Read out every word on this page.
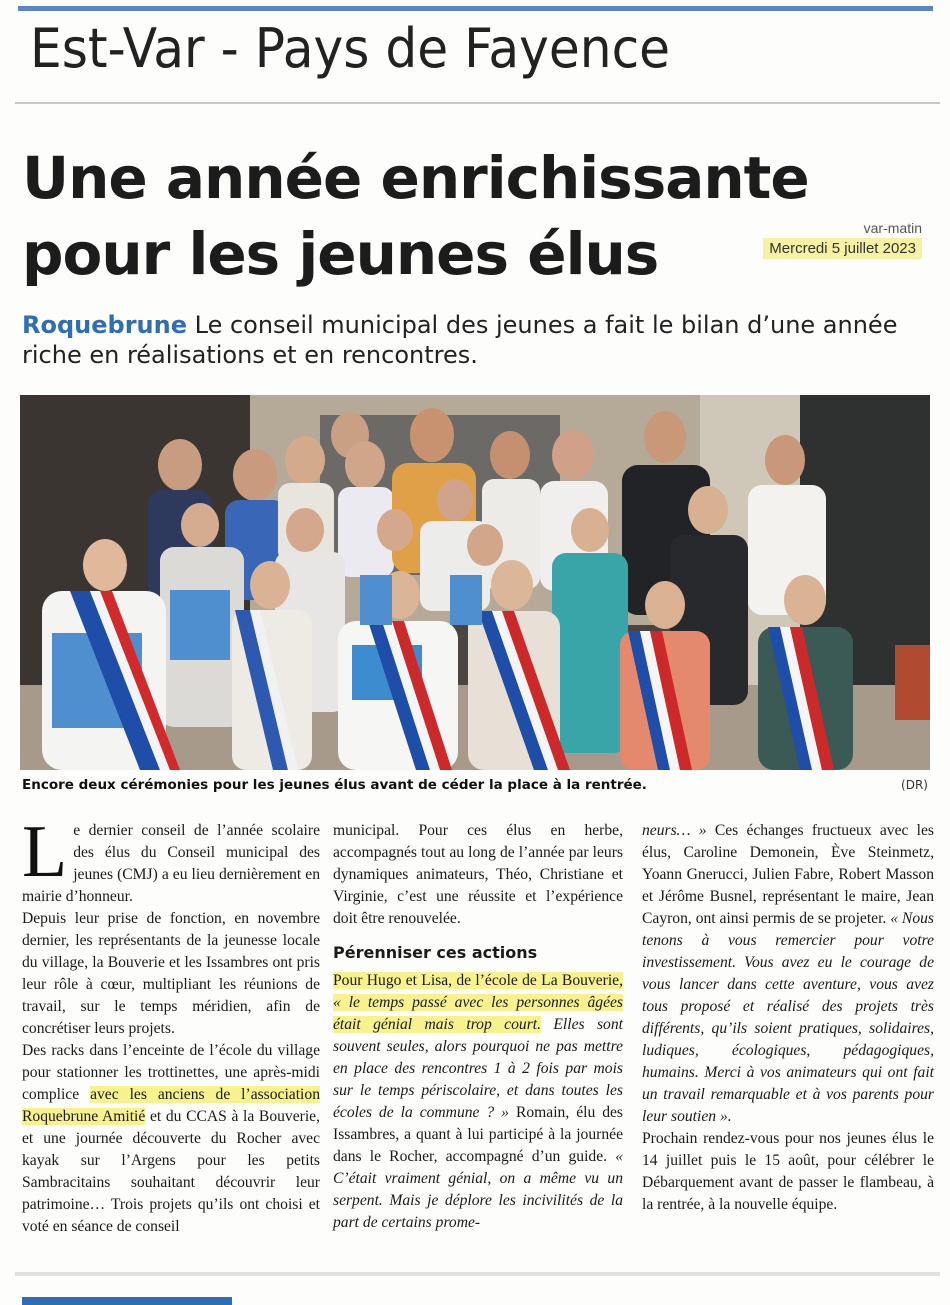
Est-Var - Pays de Fayence
Une année enrichissante
pour les jeunes élus	var-matin
Mercredi 5 juillet 2023
Roquebrune Le conseil municipal des jeunes a fait le bilan d’une année riche en réalisations et en rencontres.
Encore deux cérémonies pour les jeunes élus avant de céder la place à la rentrée.	(DR)
L e dernier conseil de l’année scolaire des élus du Conseil municipal des jeunes (CMJ) a eu lieu dernièrement en mairie d’honneur.

Depuis leur prise de fonction, en novembre dernier, les représentants de la jeunesse locale du village, la Bouverie et les Issambres ont pris leur rôle à cœur, multipliant les réunions de travail, sur le temps méridien, afin de concrétiser leurs projets.

Des racks dans l’enceinte de l’école du village pour stationner les trottinettes, une après-midi complice avec les anciens de l’association Roquebrune Amitié et du CCAS à la Bouverie, et une journée découverte du Rocher avec kayak sur l’Argens pour les petits Sambracitains souhaitant découvrir leur patrimoine… Trois projets qu’ils ont choisi et voté en séance de conseil

municipal. Pour ces élus en herbe, accompagnés tout au long de l’année par leurs dynamiques animateurs, Théo, Christiane et Virginie, c’est une réussite et l’expérience doit être renouvelée.

Pérenniser ces actions

Pour Hugo et Lisa, de l’école de La Bouverie, « le temps passé avec les personnes âgées était génial mais trop court. Elles sont souvent seules, alors pourquoi ne pas mettre en place des rencontres 1 à 2 fois par mois sur le temps périscolaire, et dans toutes les écoles de la commune ? » Romain, élu des Issambres, a quant à lui participé à la journée dans le Rocher, accompagné d’un guide. « C’était vraiment génial, on a même vu un serpent. Mais je déplore les incivilités de la part de certains prome-

neurs… » Ces échanges fructueux avec les élus, Caroline Demonein, Ève Steinmetz, Yoann Gnerucci, Julien Fabre, Robert Masson et Jérôme Busnel, représentant le maire, Jean Cayron, ont ainsi permis de se projeter. « Nous tenons à vous remercier pour votre investissement. Vous avez eu le courage de vous lancer dans cette aventure, vous avez tous proposé et réalisé des projets très différents, qu’ils soient pratiques, solidaires, ludiques, écologiques, pédagogiques, humains. Merci à vos animateurs qui ont fait un travail remarquable et à vos parents pour leur soutien ».

Prochain rendez-vous pour nos jeunes élus le 14 juillet puis le 15 août, pour célébrer le Débarquement avant de passer le flambeau, à la rentrée, à la nouvelle équipe.
